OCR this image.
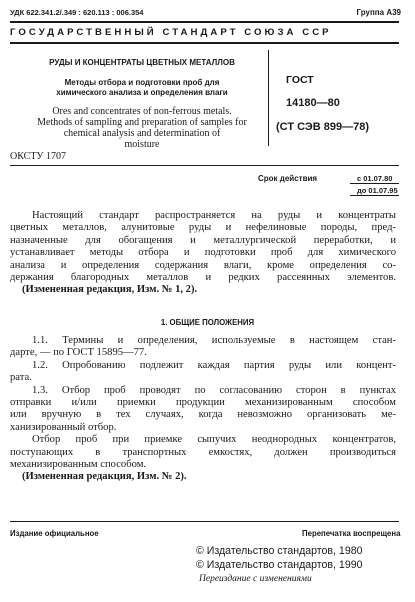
УДК 622.341.2/.349 : 620.113 : 006.354	Группа А39
ГОСУДАРСТВЕННЫЙ СТАНДАРТ СОЮЗА ССР
РУДЫ И КОНЦЕНТРАТЫ ЦВЕТНЫХ МЕТАЛЛОВ
Методы отбора и подготовки проб для
химического анализа и определения влаги
Ores and concentrates of non-ferrous metals.
Methods of sampling and preparation of samples for
chemical analysis and determination of
moisture
ОКСТУ 1707
ГОСТ
14180—80
(СТ СЭВ 899—78)
Срок действия	с 01.07.80
до 01.07.95
Настоящий стандарт распространяется на руды и концентраты
цветных металлов, алунитовые руды и нефелиновые породы, пред-
назначенные для обогащения и металлургической переработки, и
устанавливает методы отбора и подготовки проб для химического
анализа и определения содержания влаги, кроме определения со-
держания благородных металлов и редких рассеянных элементов.
(Измененная редакция, Изм. № 1, 2).
1. ОБЩИЕ ПОЛОЖЕНИЯ
1.1. Термины и определения, используемые в настоящем стан-
дарте, — по ГОСТ 15895—77.
1.2. Опробованию подлежит каждая партия руды или концент-
рата.
1.3. Отбор проб проводят по согласованию сторон в пунктах
отправки и/или приемки продукции механизированным способом
или вручную в тех случаях, когда невозможно организовать ме-
ханизированный отбор.
Отбор проб при приемке сыпучих неоднородных концентратов,
поступающих в транспортных емкостях, должен производиться
механизированным способом.
(Измененная редакция, Изм. № 2).
Издание официальное	Перепечатка воспрещена
© Издательство стандартов, 1980
© Издательство стандартов, 1990
Переиздание с изменениями
